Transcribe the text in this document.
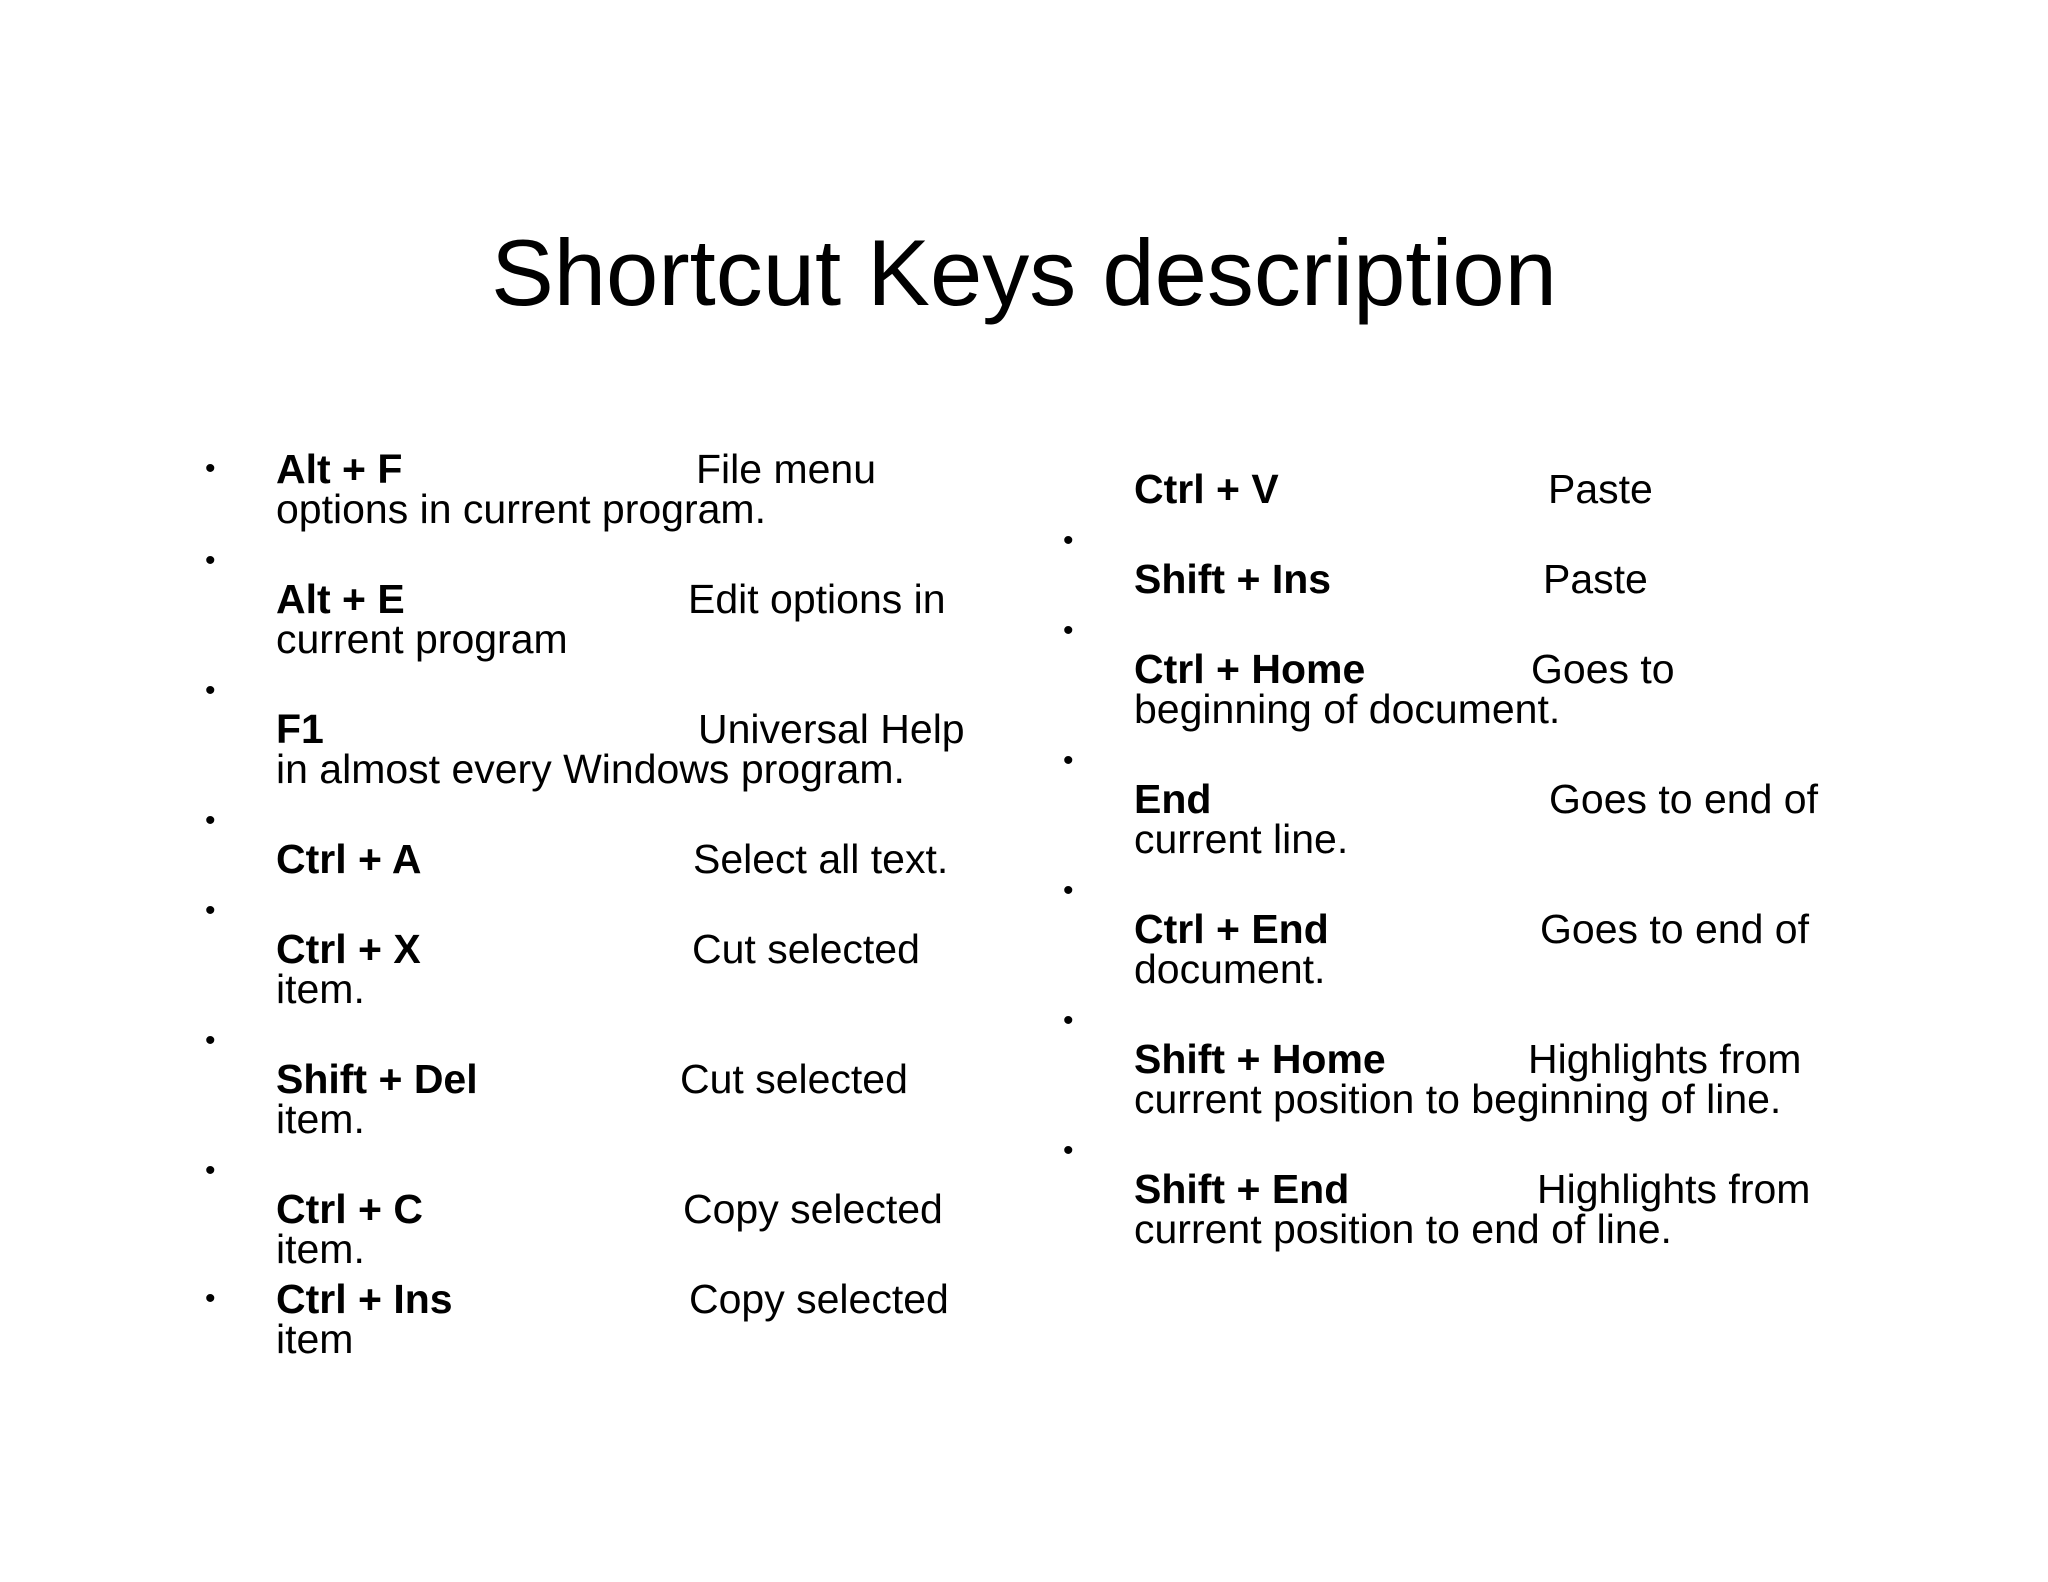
Shortcut Keys description
• Alt + F	File menu
options in current program.
•
Alt + E	Edit options in
current program
•
F1	Universal Help
in almost every Windows program.
•
Ctrl + A	Select all text.
•
Ctrl + X	Cut selected
item.
•
Shift + Del	Cut selected
item.
•
Ctrl + C	Copy selected
item.
• Ctrl + Ins	Copy selected
item
Ctrl + V	Paste
•
Shift + Ins	Paste
•
Ctrl + Home	Goes to
beginning of document.
•
End	Goes to end of
current line.
•
Ctrl + End	Goes to end of
document.
•
Shift + Home	Highlights from
current position to beginning of line.
•
Shift + End	Highlights from
current position to end of line.
